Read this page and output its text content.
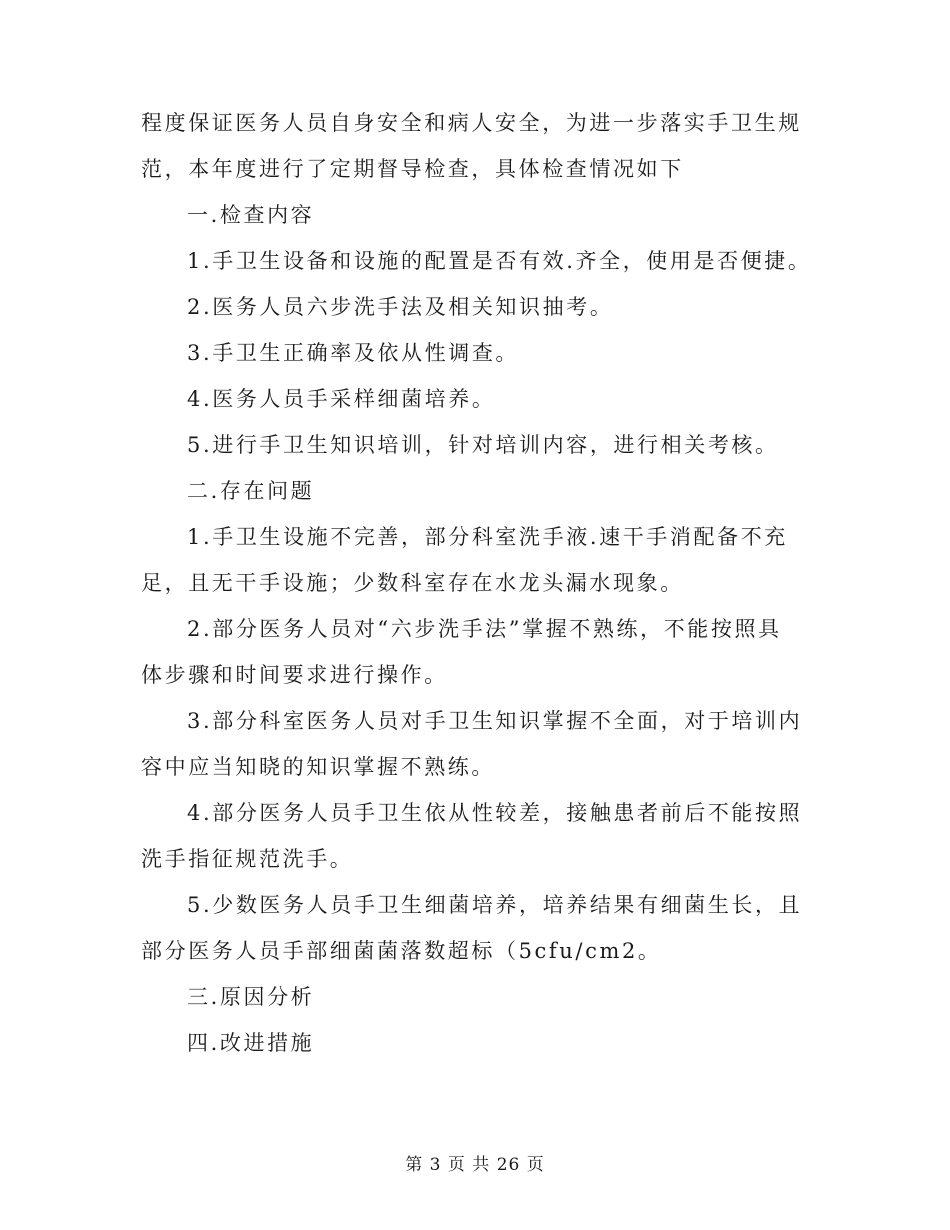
程度保证医务人员自身安全和病人安全，为进一步落实手卫生规
范，本年度进行了定期督导检查，具体检查情况如下
一.检查内容
1.手卫生设备和设施的配置是否有效.齐全，使用是否便捷。
2.医务人员六步洗手法及相关知识抽考。
3.手卫生正确率及依从性调查。
4.医务人员手采样细菌培养。
5.进行手卫生知识培训，针对培训内容，进行相关考核。
二.存在问题
1.手卫生设施不完善，部分科室洗手液.速干手消配备不充
足，且无干手设施；少数科室存在水龙头漏水现象。
2.部分医务人员对“六步洗手法”掌握不熟练，不能按照具
体步骤和时间要求进行操作。
3.部分科室医务人员对手卫生知识掌握不全面，对于培训内
容中应当知晓的知识掌握不熟练。
4.部分医务人员手卫生依从性较差，接触患者前后不能按照
洗手指征规范洗手。
5.少数医务人员手卫生细菌培养，培养结果有细菌生长，且
部分医务人员手部细菌菌落数超标（5cfu/cm2。
三.原因分析
四.改进措施
第 3 页 共 26 页
